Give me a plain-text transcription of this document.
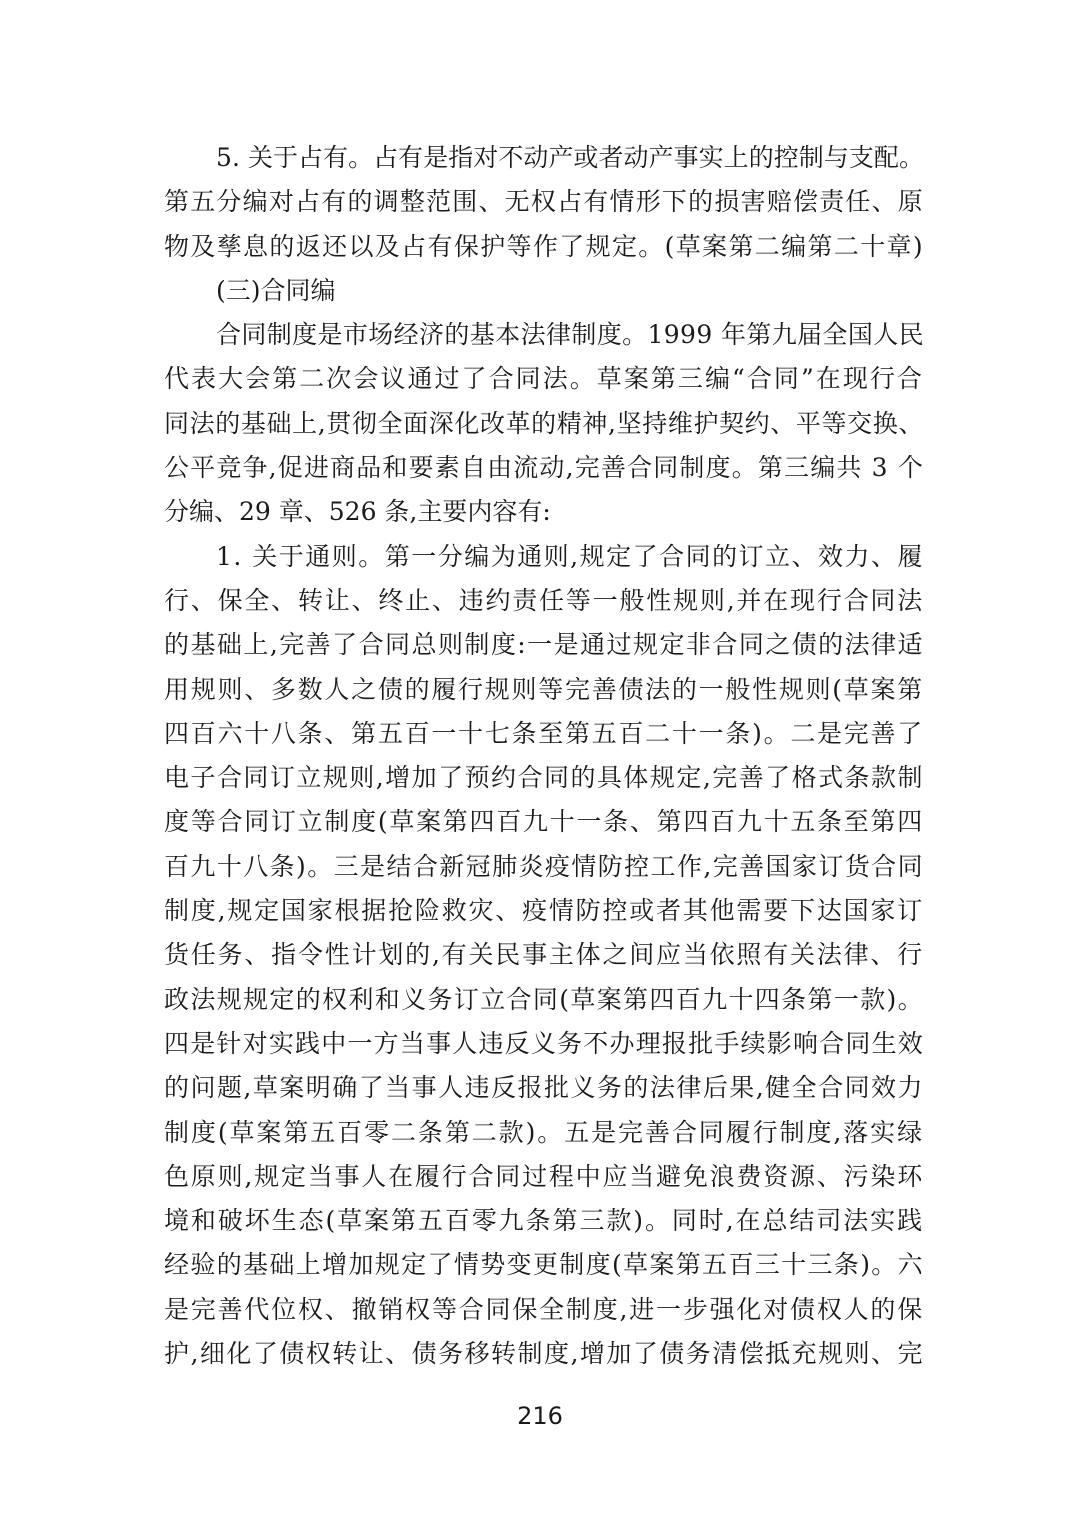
5. 关于占有。占有是指对不动产或者动产事实上的控制与支配。
第五分编对占有的调整范围、无权占有情形下的损害赔偿责任、原
物及孳息的返还以及占有保护等作了规定。(草案第二编第二十章)
(三)合同编
合同制度是市场经济的基本法律制度。1999 年第九届全国人民
代表大会第二次会议通过了合同法。草案第三编“合同”在现行合
同法的基础上,贯彻全面深化改革的精神,坚持维护契约、平等交换、
公平竞争,促进商品和要素自由流动,完善合同制度。第三编共 3 个
分编、29 章、526 条,主要内容有:
1. 关于通则。第一分编为通则,规定了合同的订立、效力、履
行、保全、转让、终止、违约责任等一般性规则,并在现行合同法
的基础上,完善了合同总则制度:一是通过规定非合同之债的法律适
用规则、多数人之债的履行规则等完善债法的一般性规则(草案第
四百六十八条、第五百一十七条至第五百二十一条)。二是完善了
电子合同订立规则,增加了预约合同的具体规定,完善了格式条款制
度等合同订立制度(草案第四百九十一条、第四百九十五条至第四
百九十八条)。三是结合新冠肺炎疫情防控工作,完善国家订货合同
制度,规定国家根据抢险救灾、疫情防控或者其他需要下达国家订
货任务、指令性计划的,有关民事主体之间应当依照有关法律、行
政法规规定的权利和义务订立合同(草案第四百九十四条第一款)。
四是针对实践中一方当事人违反义务不办理报批手续影响合同生效
的问题,草案明确了当事人违反报批义务的法律后果,健全合同效力
制度(草案第五百零二条第二款)。五是完善合同履行制度,落实绿
色原则,规定当事人在履行合同过程中应当避免浪费资源、污染环
境和破坏生态(草案第五百零九条第三款)。同时,在总结司法实践
经验的基础上增加规定了情势变更制度(草案第五百三十三条)。六
是完善代位权、撤销权等合同保全制度,进一步强化对债权人的保
护,细化了债权转让、债务移转制度,增加了债务清偿抵充规则、完
216
